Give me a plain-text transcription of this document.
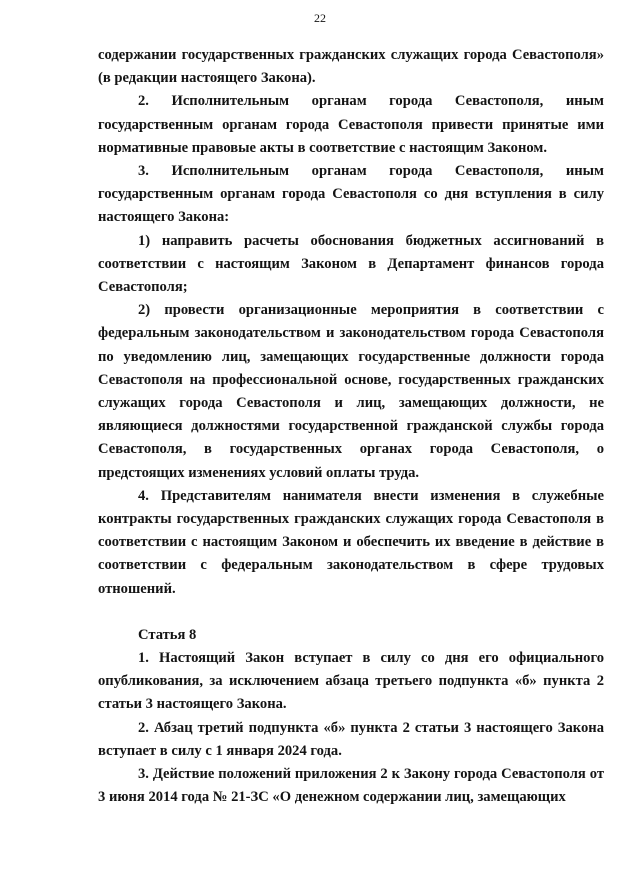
22

содержании государственных гражданских служащих города Севастополя» (в редакции настоящего Закона).

2. Исполнительным органам города Севастополя, иным государственным органам города Севастополя привести принятые ими нормативные правовые акты в соответствие с настоящим Законом.

3. Исполнительным органам города Севастополя, иным государственным органам города Севастополя со дня вступления в силу настоящего Закона:

1) направить расчеты обоснования бюджетных ассигнований в соответствии с настоящим Законом в Департамент финансов города Севастополя;

2) провести организационные мероприятия в соответствии с федеральным законодательством и законодательством города Севастополя по уведомлению лиц, замещающих государственные должности города Севастополя на профессиональной основе, государственных гражданских служащих города Севастополя и лиц, замещающих должности, не являющиеся должностями государственной гражданской службы города Севастополя, в государственных органах города Севастополя, о предстоящих изменениях условий оплаты труда.

4. Представителям нанимателя внести изменения в служебные контракты государственных гражданских служащих города Севастополя в соответствии с настоящим Законом и обеспечить их введение в действие в соответствии с федеральным законодательством в сфере трудовых отношений.

Статья 8

1. Настоящий Закон вступает в силу со дня его официального опубликования, за исключением абзаца третьего подпункта «б» пункта 2 статьи 3 настоящего Закона.

2. Абзац третий подпункта «б» пункта 2 статьи 3 настоящего Закона вступает в силу с 1 января 2024 года.

3. Действие положений приложения 2 к Закону города Севастополя от 3 июня 2014 года № 21-ЗС «О денежном содержании лиц, замещающих
